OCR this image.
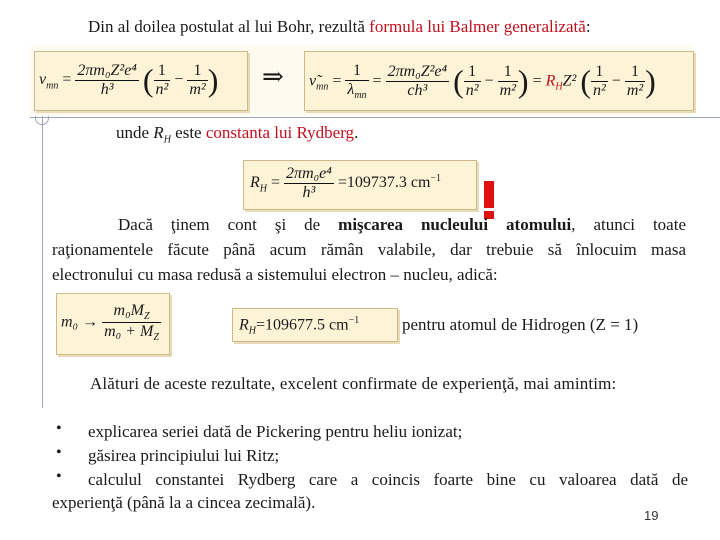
Din al doilea postulat al lui Bohr, rezultă formula lui Balmer generalizată:
$\nu_{mn} = \frac{\text{2πm₀Z²e⁴}}{\text{h³}}$ ( $\frac{1}{\text{n²}} - \frac{1}{\text{m²}}$ ) ⇒ $\nũ_{mn} = \frac{1}{\lambda_{mn}} = \frac{\text{2πm₀Z²e⁴}}{\text{ch³}}$ ( $\frac{1}{\text{n²}} - \frac{1}{\text{m²}}$ ) = $R_HZ^2$ ( $\frac{1}{\text{n²}} - \frac{1}{\text{m²}}$ )
unde $R_H$ este constanta lui Rydberg.
$R_H = \frac{\text{2πm₀e⁴}}{\text{h³}} =109737.3$ $cm^{-1}$
Dacă ţinem cont şi de mişcarea nucleului atomului, atunci toate
raţionamentele făcute până acum rămân valabile, dar trebuie să înlocuim masa
electronului cu masa redusă a sistemului electron – nucleu, adică:
$m_0 \to \frac{m_0M_Z}{m_0 + M_Z}$	$R_H=109677.5$ $cm^{-1}$	pentru atomul de Hidrogen (Z = 1)
Alături de aceste rezultate, excelent confirmate de experienţă, mai amintim:
• explicarea seriei dată de Pickering pentru heliu ionizat;
• găsirea principiului lui Ritz;
• calculul constantei Rydberg care a coincis foarte bine cu valoarea dată de
experienţă (până la a cincea zecimală).
19
